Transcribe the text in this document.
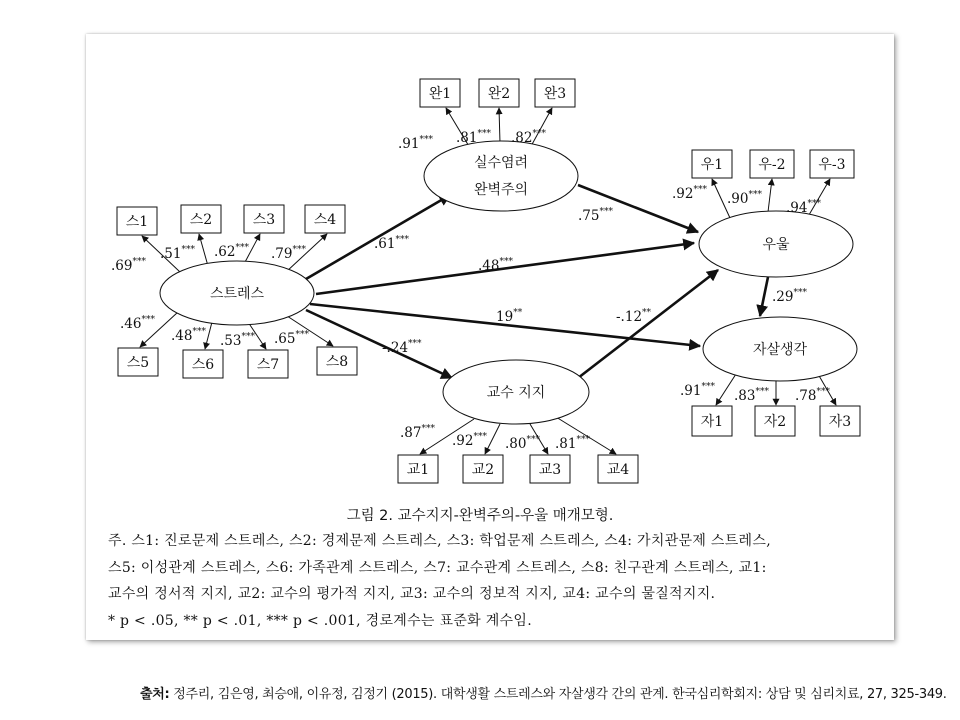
스1	스2	스3	스4
스5	스6	스7	스8
완1	완2 완3
우1	우-2 우-3
자1	자2	자3
교1	교2	교3	교4
스트레스
실수염려
완벽주의
우울
자살생각
교수 지지
.69*** .51*** .62*** .79***
.46***
.48***
.53*** .65***
.91*** .81*** .82***
.92***
.90***
.94***
.91***
.83*** .78***
.87***
.92*** .80*** .81***
.61***
.75***
.48***
19**
-.24***
-.12**
.29***
그림 2. 교수지지-완벽주의-우울 매개모형.
주. 스1: 진로문제 스트레스, 스2: 경제문제 스트레스, 스3: 학업문제 스트레스, 스4: 가치관문제 스트레스,
스5: 이성관계 스트레스, 스6: 가족관계 스트레스, 스7: 교수관계 스트레스, 스8: 친구관계 스트레스, 교1:
교수의 정서적 지지, 교2: 교수의 평가적 지지, 교3: 교수의 정보적 지지, 교4: 교수의 물질적지지.
* p < .05, ** p < .01, *** p < .001, 경로계수는 표준화 계수임.
출처: 정주리, 김은영, 최승애, 이유정, 김정기 (2015). 대학생활 스트레스와 자살생각 간의 관계. 한국심리학회지: 상담 및 심리치료, 27, 325-349.
